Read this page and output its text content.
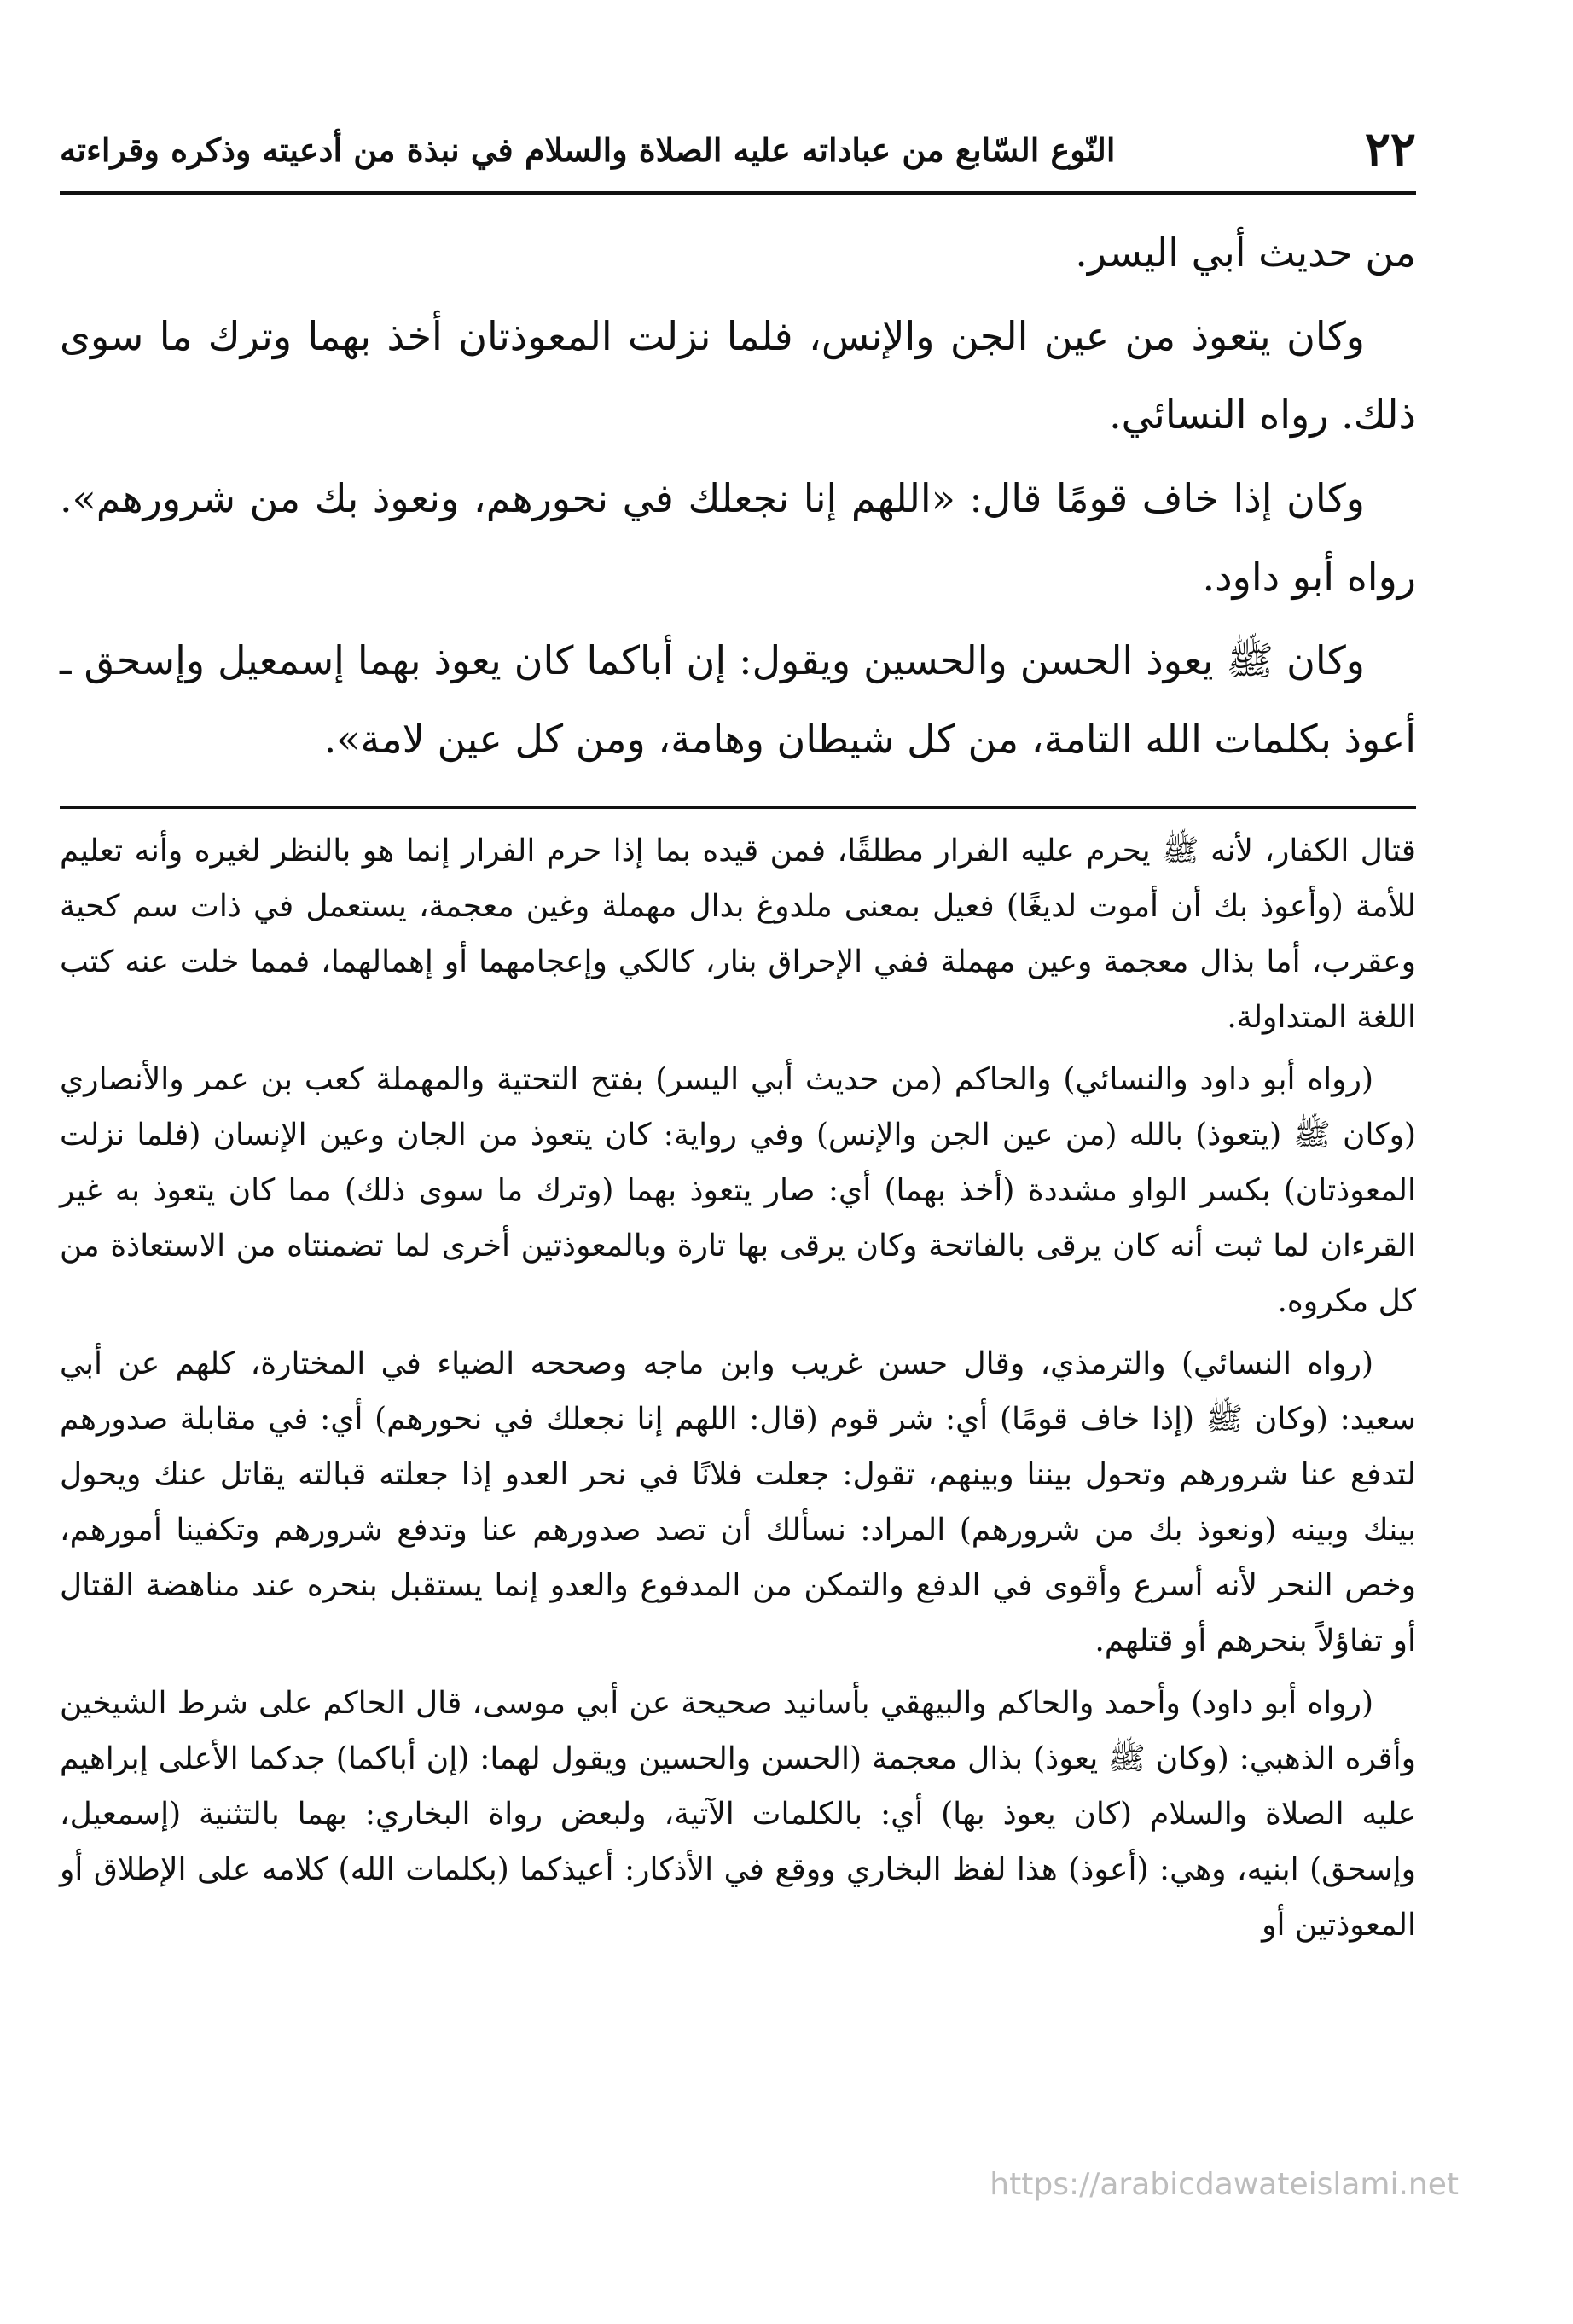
٢٢
النّوع السّابع من عباداته عليه الصلاة والسلام في نبذة من أدعيته وذكره وقراءته

من حديث أبي اليسر.

وكان يتعوذ من عين الجن والإنس، فلما نزلت المعوذتان أخذ بهما وترك ما سوى ذلك. رواه النسائي.

وكان إذا خاف قومًا قال: «اللهم إنا نجعلك في نحورهم، ونعوذ بك من شرورهم». رواه أبو داود.

وكان ﷺ يعوذ الحسن والحسين ويقول: إن أباكما كان يعوذ بهما إسمعيل وإسحق ـ أعوذ بكلمات الله التامة، من كل شيطان وهامة، ومن كل عين لامة».

قتال الكفار، لأنه ﷺ يحرم عليه الفرار مطلقًا، فمن قيده بما إذا حرم الفرار إنما هو بالنظر لغيره وأنه تعليم للأمة (وأعوذ بك أن أموت لديغًا) فعيل بمعنى ملدوغ بدال مهملة وغين معجمة، يستعمل في ذات سم كحية وعقرب، أما بذال معجمة وعين مهملة ففي الإحراق بنار، كالكي وإعجامهما أو إهمالهما، فمما خلت عنه كتب اللغة المتداولة.

(رواه أبو داود والنسائي) والحاكم (من حديث أبي اليسر) بفتح التحتية والمهملة كعب بن عمر والأنصاري (وكان ﷺ (يتعوذ) بالله (من عين الجن والإنس) وفي رواية: كان يتعوذ من الجان وعين الإنسان (فلما نزلت المعوذتان) بكسر الواو مشددة (أخذ بهما) أي: صار يتعوذ بهما (وترك ما سوى ذلك) مما كان يتعوذ به غير القرءان لما ثبت أنه كان يرقى بالفاتحة وكان يرقى بها تارة وبالمعوذتين أخرى لما تضمنتاه من الاستعاذة من كل مكروه.

(رواه النسائي) والترمذي، وقال حسن غريب وابن ماجه وصححه الضياء في المختارة، كلهم عن أبي سعيد: (وكان ﷺ (إذا خاف قومًا) أي: شر قوم (قال: اللهم إنا نجعلك في نحورهم) أي: في مقابلة صدورهم لتدفع عنا شرورهم وتحول بيننا وبينهم، تقول: جعلت فلانًا في نحر العدو إذا جعلته قبالته يقاتل عنك ويحول بينك وبينه (ونعوذ بك من شرورهم) المراد: نسألك أن تصد صدورهم عنا وتدفع شرورهم وتكفينا أمورهم، وخص النحر لأنه أسرع وأقوى في الدفع والتمكن من المدفوع والعدو إنما يستقبل بنحره عند مناهضة القتال أو تفاؤلاً بنحرهم أو قتلهم.

(رواه أبو داود) وأحمد والحاكم والبيهقي بأسانيد صحيحة عن أبي موسى، قال الحاكم على شرط الشيخين وأقره الذهبي: (وكان ﷺ يعوذ) بذال معجمة (الحسن والحسين ويقول لهما: (إن أباكما) جدكما الأعلى إبراهيم عليه الصلاة والسلام (كان يعوذ بها) أي: بالكلمات الآتية، ولبعض رواة البخاري: بهما بالتثنية (إسمعيل، وإسحق) ابنيه، وهي: (أعوذ) هذا لفظ البخاري ووقع في الأذكار: أعيذكما (بكلمات الله) كلامه على الإطلاق أو المعوذتين أو

https://arabicdawateislami.net
